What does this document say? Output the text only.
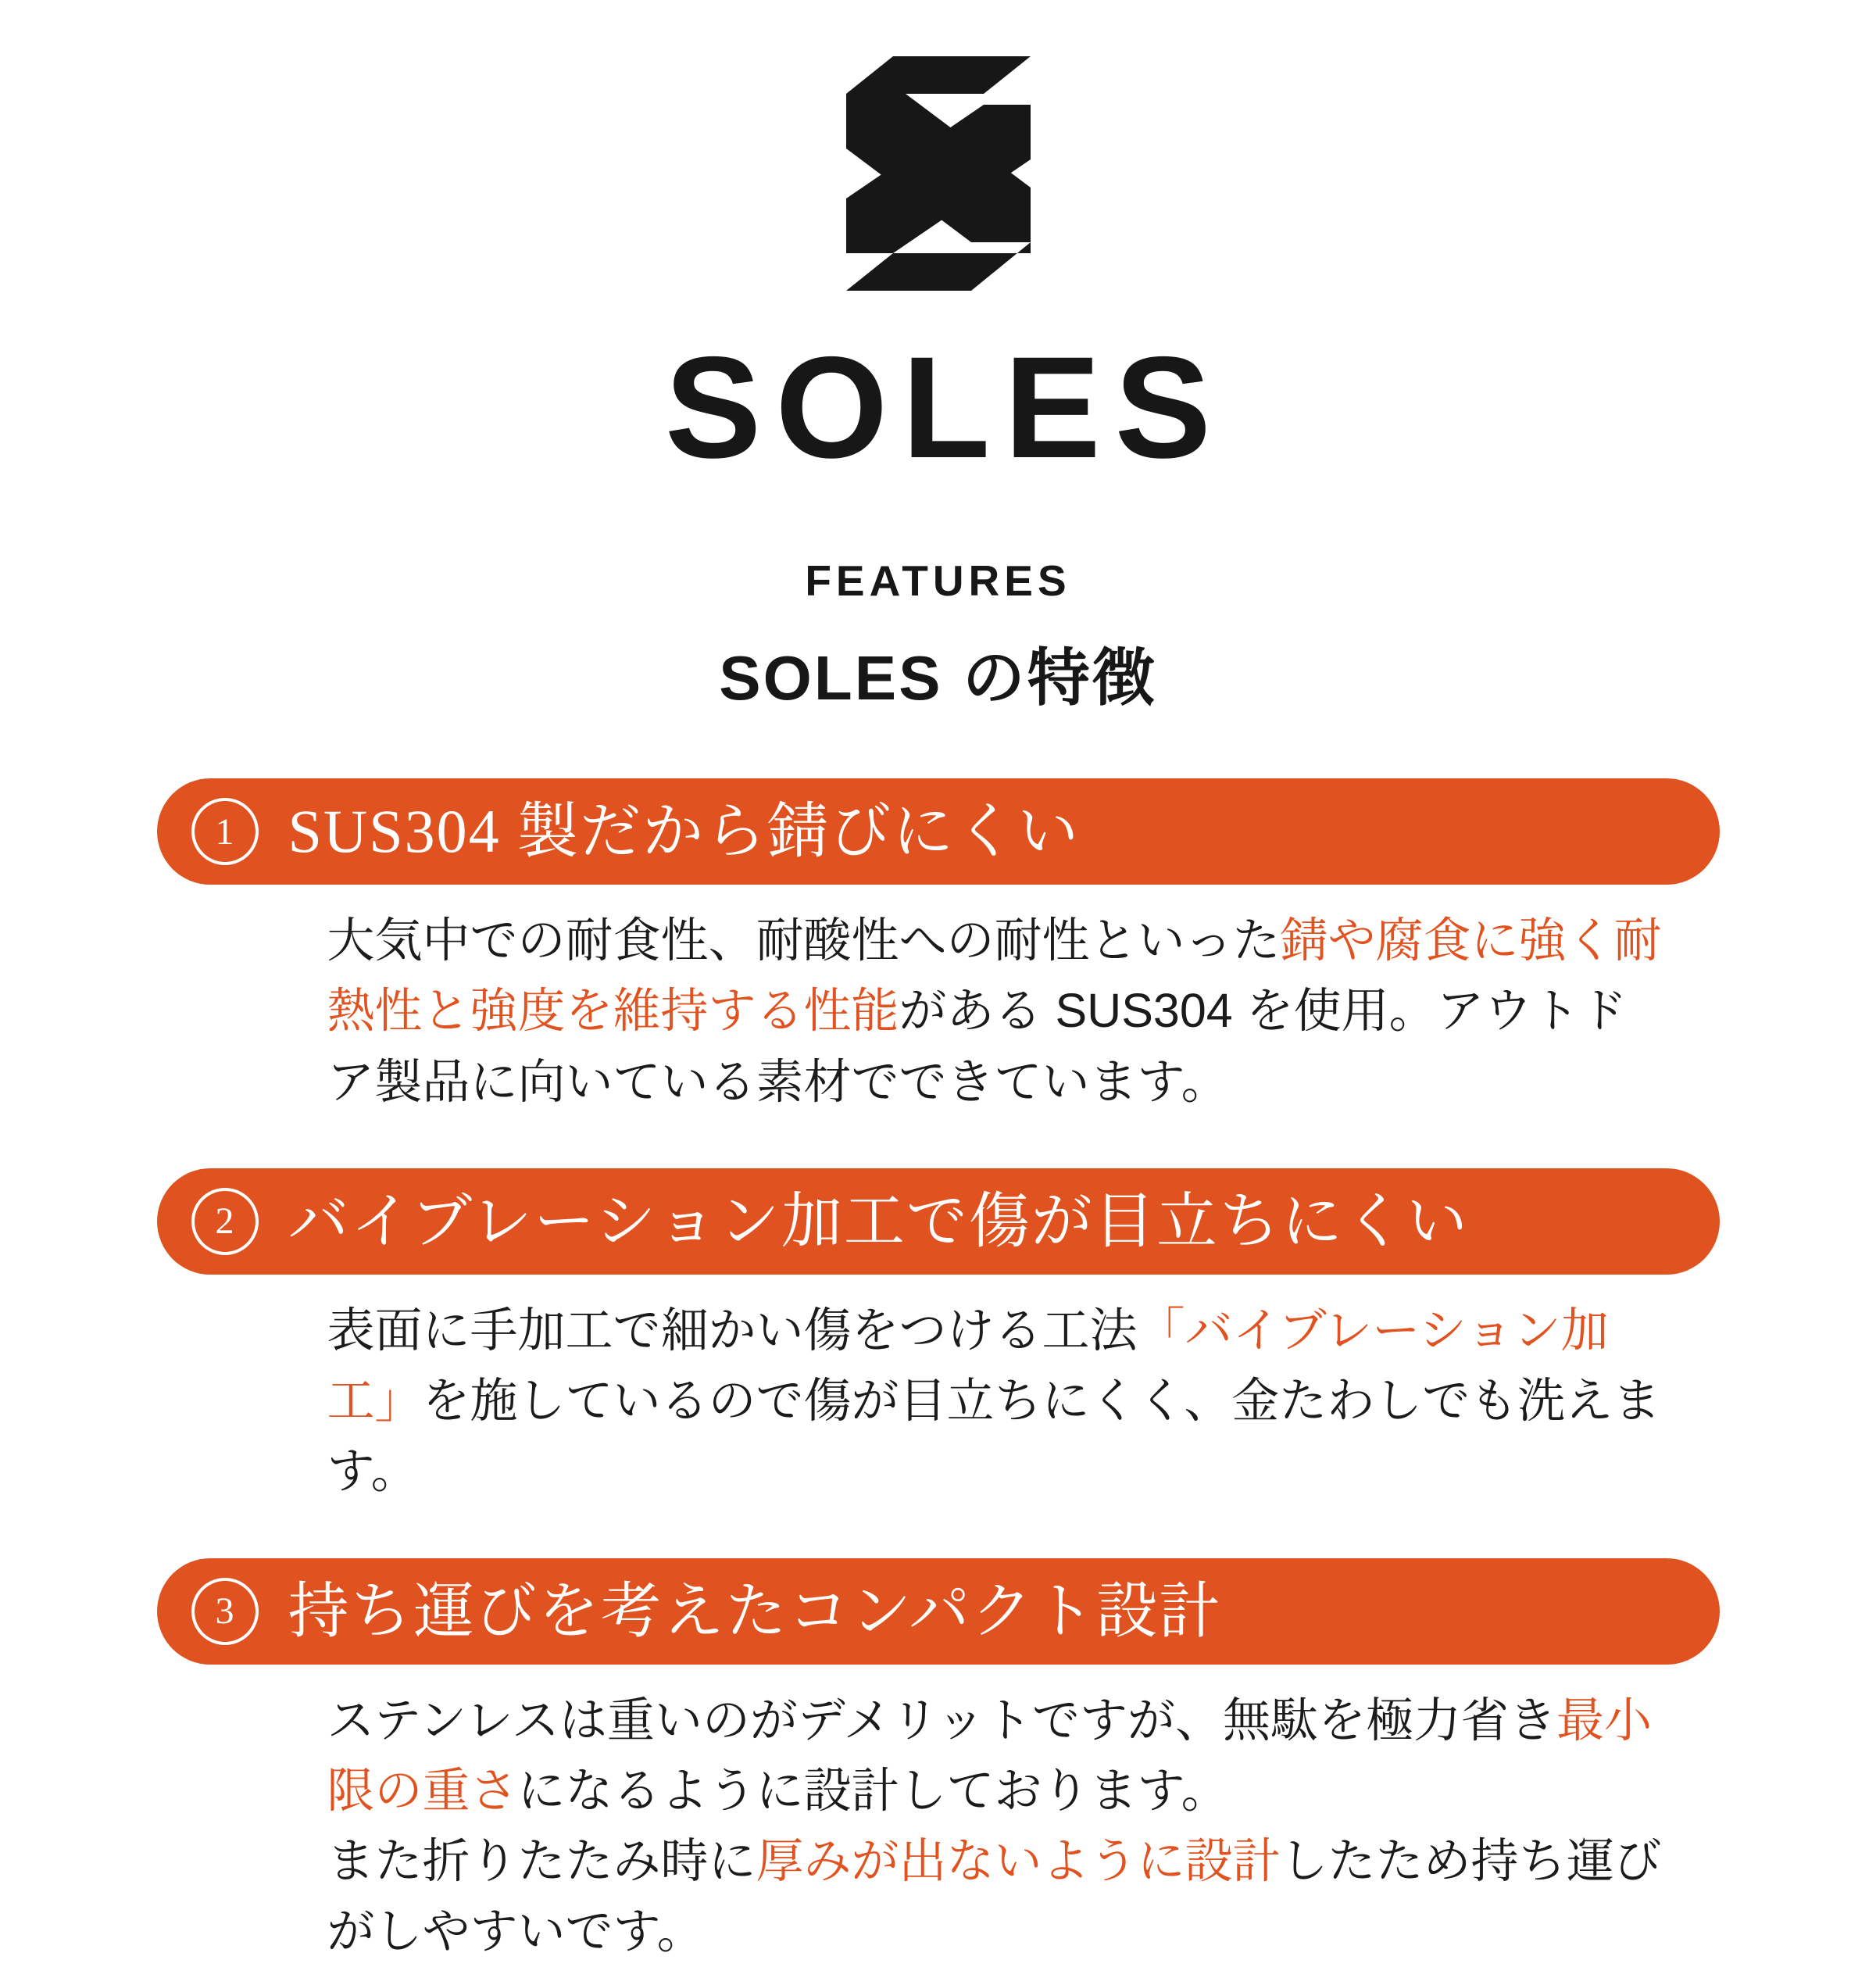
SOLES
FEATURES
SOLES の特徴
1 SUS304 製だから錆びにくい
大気中での耐食性、耐酸性への耐性といった錆や腐食に強く耐熱性と強度を維持する性能がある SUS304 を使用。アウトドア製品に向いている素材でできています。
2 バイブレーション加工で傷が目立ちにくい
表面に手加工で細かい傷をつける工法「バイブレーション加工」を施しているので傷が目立ちにくく、金たわしでも洗えます。
3 持ち運びを考えたコンパクト設計
ステンレスは重いのがデメリットですが、無駄を極力省き最小限の重さになるように設計しております。
また折りたたみ時に厚みが出ないように設計したため持ち運びがしやすいです。
